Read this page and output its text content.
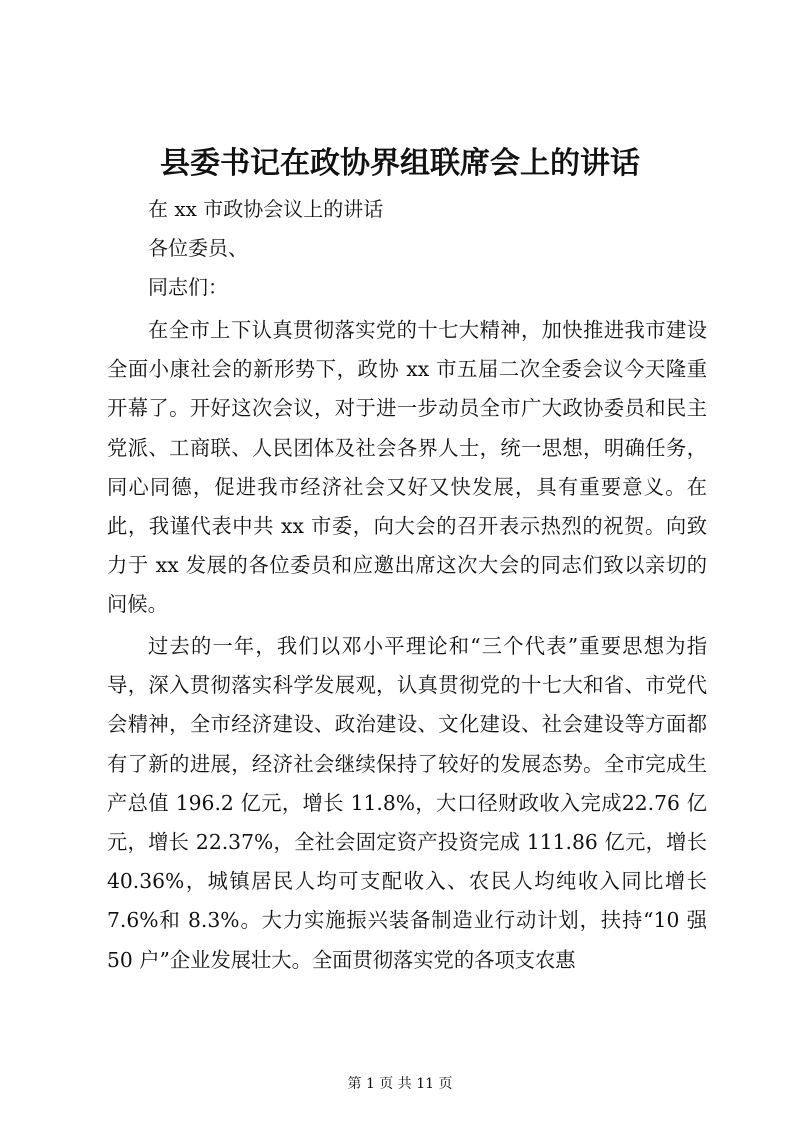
县委书记在政协界组联席会上的讲话
在 xx 市政协会议上的讲话
各位委员、
同志们：

在全市上下认真贯彻落实党的十七大精神，加快推进我市建设全面小康社会的新形势下，政协 xx 市五届二次全委会议今天隆重开幕了。开好这次会议，对于进一步动员全市广大政协委员和民主党派、工商联、人民团体及社会各界人士，统一思想，明确任务，同心同德，促进我市经济社会又好又快发展，具有重要意义。在此，我谨代表中共 xx 市委，向大会的召开表示热烈的祝贺。向致力于 xx 发展的各位委员和应邀出席这次大会的同志们致以亲切的问候。

过去的一年，我们以邓小平理论和“三个代表”重要思想为指导，深入贯彻落实科学发展观，认真贯彻党的十七大和省、市党代会精神，全市经济建设、政治建设、文化建设、社会建设等方面都有了新的进展，经济社会继续保持了较好的发展态势。全市完成生产总值 196.2 亿元，增长 11.8%，大口径财政收入完成22.76 亿元，增长 22.37%，全社会固定资产投资完成 111.86 亿元，增长 40.36%，城镇居民人均可支配收入、农民人均纯收入同比增长 7.6%和 8.3%。大力实施振兴装备制造业行动计划，扶持“10 强 50 户”企业发展壮大。全面贯彻落实党的各项支农惠

第 1 页 共 11 页
